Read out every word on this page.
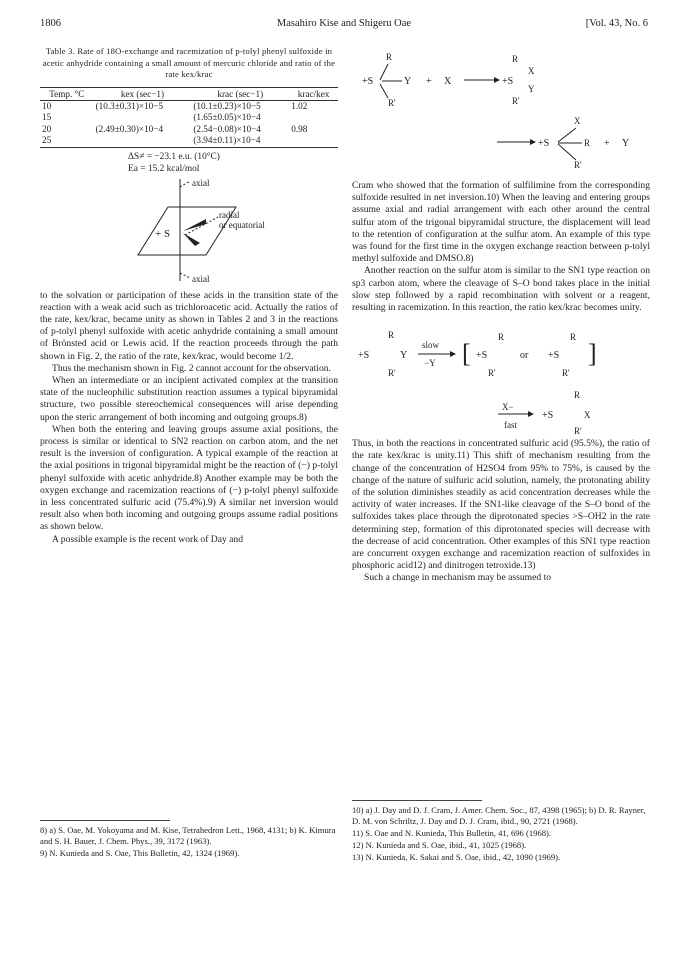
1806	Masahiro Kise and Shigeru Oae	[Vol. 43, No. 6
Table 3. Rate of 18O-exchange and racemization of p-tolyl phenyl sulfoxide in acetic anhydride containing a small amount of mercuric chloride and ratio of the rate kex/krac
Temp. °C	kex (sec−1)	krac (sec−1)	krac/kex
10	(10.3±0.31)×10−5	(10.1±0.23)×10−5	1.02
15		(1.65±0.05)×10−4	
20	(2.49±0.30)×10−4	(2.54−0.08)×10−4	0.98
25		(3.94±0.11)×10−4	
ΔS≠ = −23.1 e.u. (10°C)
Ea = 15.2 kcal/mol
+ S
axial
radial
or equatorial
axial

to the solvation or participation of these acids in the transition state of the reaction with a weak acid such as trichloroacetic acid. Actually the ratios of the rate, kex/krac, became unity as shown in Tables 2 and 3 in the reactions of p-tolyl phenyl sulfoxide with acetic anhydride containing a small amount of Brönsted acid or Lewis acid. If the reaction proceeds through the path shown in Fig. 2, the ratio of the rate, kex/krac, would become 1/2.

Thus the mechanism shown in Fig. 2 cannot account for the observation.

When an intermediate or an incipient activated complex at the transition state of the nucleophilic substitution reaction assumes a typical bipyramidal structure, two possible stereochemical consequences will arise depending upon the steric arrangement of both incoming and outgoing groups.8)

When both the entering and leaving groups assume axial positions, the process is similar or identical to SN2 reaction on carbon atom, and the net result is the inversion of configuration. A typical example of the reaction at the axial positions in trigonal bipyramidal might be the reaction of (−) p-tolyl phenyl sulfoxide with acetic anhydride.8) Another example may be both the oxygen exchange and racemization reactions of (−) p-tolyl phenyl sulfoxide in less concentrated sulfuric acid (75.4%).9) A similar net inversion would result also when both incoming and outgoing groups assume radial positions as shown below.

A possible example is the recent work of Day and

8) a) S. Oae, M. Yokoyama and M. Kise, Tetrahedron Lett., 1968, 4131; b) K. Kimura and S. H. Bauer, J. Chem. Phys., 39, 3172 (1963).

9) N. Kunieda and S. Oae, This Bulletin, 42, 1324 (1969).

+S
R
R'
Y + X
R
+S
X
Y
R'
+S
X
R
R'
+ Y

Cram who showed that the formation of sulfilimine from the corresponding sulfoxide resulted in net inversion.10) When the leaving and entering groups assume axial and radial arrangement with each other around the central sulfur atom of the trigonal bipyramidal structure, the displacement will lead to the retention of configuration at the sulfur atom. An example of this type was found for the first time in the oxygen exchange reaction between p-tolyl methyl sulfoxide and DMSO.8)

Another reaction on the sulfur atom is similar to the SN1 type reaction on sp3 carbon atom, where the cleavage of S–O bond takes place in the initial slow step followed by a rapid recombination with solvent or a reagent, resulting in racemization. In this reaction, the ratio kex/krac becomes unity.

+S
R
R'
Y
slow
−Y [ +S
R
R'
or +S
R
R'
]
X−
fast
+S
R
X
R'

Thus, in both the reactions in concentrated sulfuric acid (95.5%), the ratio of the rate kex/krac is unity.11) This shift of mechanism resulting from the change of the concentration of H2SO4 from 95% to 75%, is caused by the change of the nature of sulfuric acid solution, namely, the protonating ability of the solution diminishes steadily as acid concentration decreases while the activity of water increases. If the SN1-like cleavage of the S–O bond of the sulfoxides takes place through the diprotonated species >S–OH2 in the rate determining step, formation of this diprotonated species will decrease with the decrease of acid concentration. Other examples of this SN1 type reaction are concurrent oxygen exchange and racemization reaction of sulfoxides in phosphoric acid12) and dinitrogen tetroxide.13)

Such a change in mechanism may be assumed to

10) a) J. Day and D. J. Cram, J. Amer. Chem. Soc., 87, 4398 (1965); b) D. R. Rayner, D. M. von Schriltz, J. Day and D. J. Cram, ibid., 90, 2721 (1968).

11) S. Oae and N. Kunieda, This Bulletin, 41, 696 (1968).

12) N. Kunieda and S. Oae, ibid., 41, 1025 (1968).

13) N. Kunieda, K. Sakai and S. Oae, ibid., 42, 1090 (1969).
